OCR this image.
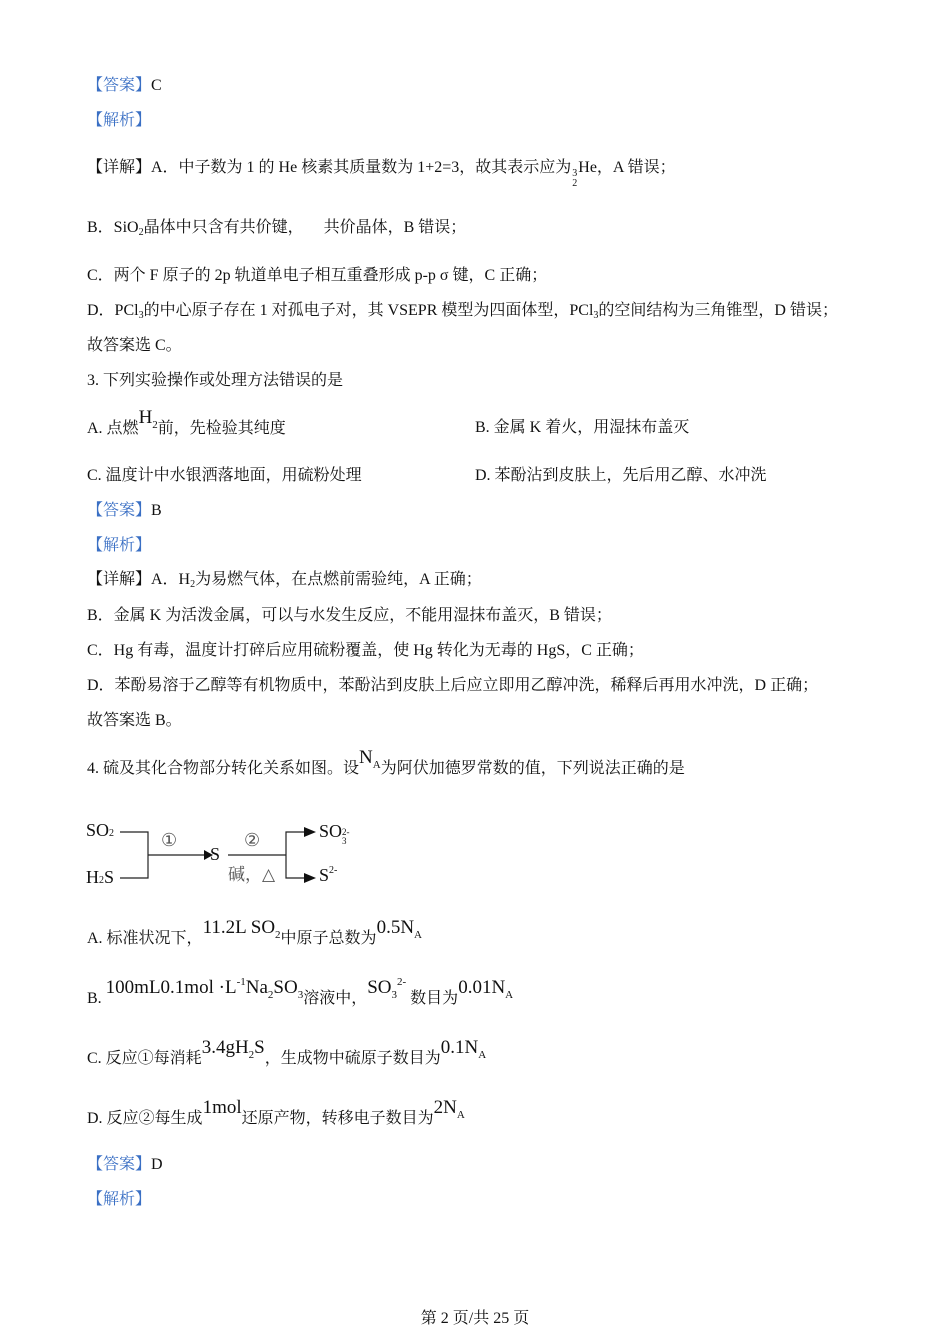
【答案】C
【解析】
【详解】A．中子数为 1 的 He 核素其质量数为 1+2=3，故其表示应为 3
2
He，A 错误；
B．SiO$_2$晶体中只含有共价键， 共价晶体，B 错误；
C．两个 F 原子的 2p 轨道单电子相互重叠形成 p-p σ 键，C 正确；
D．PCl$_3$的中心原子存在 1 对孤电子对，其 VSEPR 模型为四面体型，PCl$_3$的空间结构为三角锥型，D 错误；
故答案选 C。
3. 下列实验操作或处理方法错误的是
A. 点燃$H^2$前，先检验其纯度	B. 金属 K 着火，用湿抹布盖灭
C. 温度计中水银洒落地面，用硫粉处理	D. 苯酚沾到皮肤上，先后用乙醇、水冲洗
【答案】B
【解析】
【详解】A．$H_2$为易燃气体，在点燃前需验纯，A 正确；
B．金属 K 为活泼金属，可以与水发生反应，不能用湿抹布盖灭，B 错误；
C．Hg 有毒，温度计打碎后应用硫粉覆盖，使 Hg 转化为无毒的 HgS，C 正确；
D．苯酚易溶于乙醇等有机物质中，苯酚沾到皮肤上后应立即用乙醇冲洗，稀释后再用水冲洗，D 正确；
故答案选 B。
4. 硫及其化合物部分转化关系如图。设$N^A$为阿伏加德罗常数的值，下列说法正确的是
SO2
H2S
①
S
②
碱，△
SO 2-
3
$S^{2-}$
A. 标准状况下，11.2L $SO^2$中原子总数为$0.5N^A$
B. $100mL0.1mol \cdot L^{-1}Na^2SO^3$溶液中，$SO^{32-}$ 数目为$0.01N^A$
C. 反应①每消耗$3.4gH^2S$，生成物中硫原子数目为$0.1N^A$
D. 反应②每生成1mol还原产物，转移电子数目为$2N^A$
【答案】D
【解析】
第 2 页/共 25 页
